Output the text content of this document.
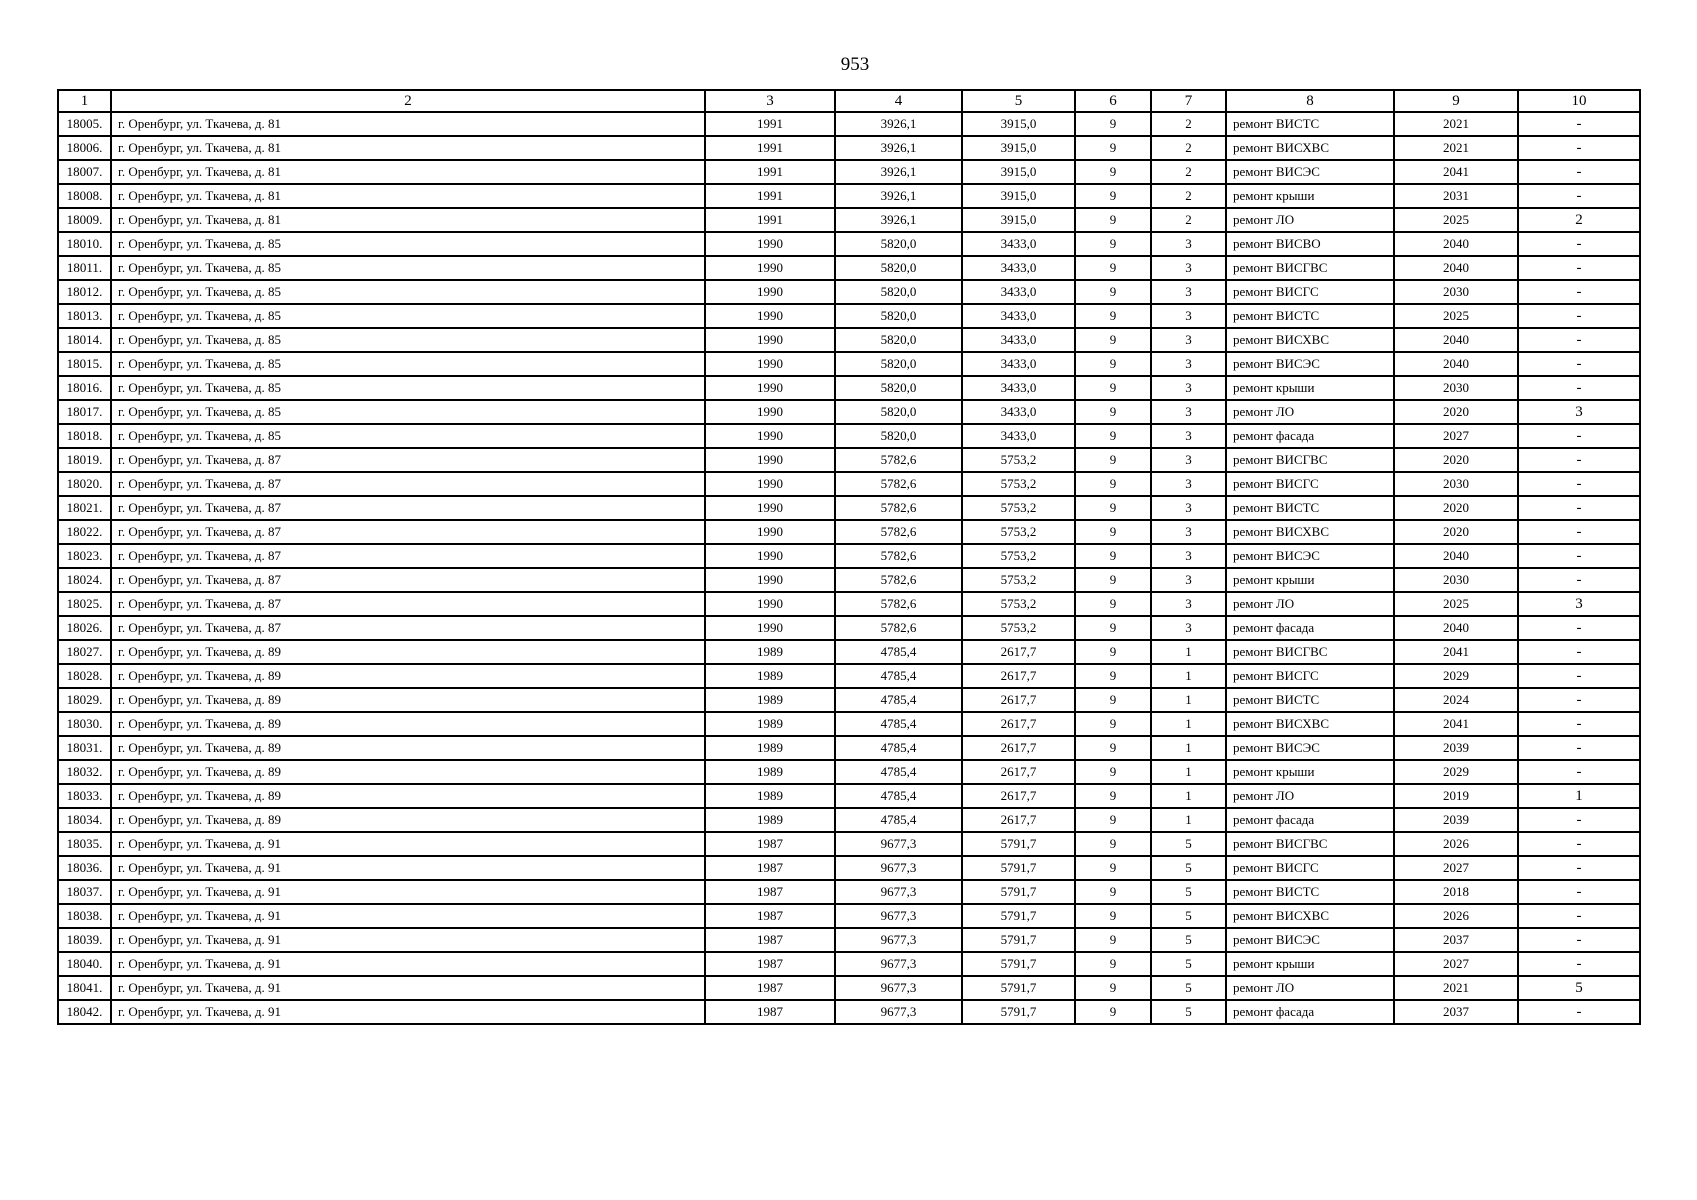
953
1	2	3	4	5	6	7	8	9	10
18005.	г. Оренбург, ул. Ткачева, д. 81	1991	3926,1	3915,0	9	2	ремонт ВИСТС	2021	-
18006.	г. Оренбург, ул. Ткачева, д. 81	1991	3926,1	3915,0	9	2	ремонт ВИСХВС	2021	-
18007.	г. Оренбург, ул. Ткачева, д. 81	1991	3926,1	3915,0	9	2	ремонт ВИСЭС	2041	-
18008.	г. Оренбург, ул. Ткачева, д. 81	1991	3926,1	3915,0	9	2	ремонт крыши	2031	-
18009.	г. Оренбург, ул. Ткачева, д. 81	1991	3926,1	3915,0	9	2	ремонт ЛО	2025	2
18010.	г. Оренбург, ул. Ткачева, д. 85	1990	5820,0	3433,0	9	3	ремонт ВИСВО	2040	-
18011.	г. Оренбург, ул. Ткачева, д. 85	1990	5820,0	3433,0	9	3	ремонт ВИСГВС	2040	-
18012.	г. Оренбург, ул. Ткачева, д. 85	1990	5820,0	3433,0	9	3	ремонт ВИСГС	2030	-
18013.	г. Оренбург, ул. Ткачева, д. 85	1990	5820,0	3433,0	9	3	ремонт ВИСТС	2025	-
18014.	г. Оренбург, ул. Ткачева, д. 85	1990	5820,0	3433,0	9	3	ремонт ВИСХВС	2040	-
18015.	г. Оренбург, ул. Ткачева, д. 85	1990	5820,0	3433,0	9	3	ремонт ВИСЭС	2040	-
18016.	г. Оренбург, ул. Ткачева, д. 85	1990	5820,0	3433,0	9	3	ремонт крыши	2030	-
18017.	г. Оренбург, ул. Ткачева, д. 85	1990	5820,0	3433,0	9	3	ремонт ЛО	2020	3
18018.	г. Оренбург, ул. Ткачева, д. 85	1990	5820,0	3433,0	9	3	ремонт фасада	2027	-
18019.	г. Оренбург, ул. Ткачева, д. 87	1990	5782,6	5753,2	9	3	ремонт ВИСГВС	2020	-
18020.	г. Оренбург, ул. Ткачева, д. 87	1990	5782,6	5753,2	9	3	ремонт ВИСГС	2030	-
18021.	г. Оренбург, ул. Ткачева, д. 87	1990	5782,6	5753,2	9	3	ремонт ВИСТС	2020	-
18022.	г. Оренбург, ул. Ткачева, д. 87	1990	5782,6	5753,2	9	3	ремонт ВИСХВС	2020	-
18023.	г. Оренбург, ул. Ткачева, д. 87	1990	5782,6	5753,2	9	3	ремонт ВИСЭС	2040	-
18024.	г. Оренбург, ул. Ткачева, д. 87	1990	5782,6	5753,2	9	3	ремонт крыши	2030	-
18025.	г. Оренбург, ул. Ткачева, д. 87	1990	5782,6	5753,2	9	3	ремонт ЛО	2025	3
18026.	г. Оренбург, ул. Ткачева, д. 87	1990	5782,6	5753,2	9	3	ремонт фасада	2040	-
18027.	г. Оренбург, ул. Ткачева, д. 89	1989	4785,4	2617,7	9	1	ремонт ВИСГВС	2041	-
18028.	г. Оренбург, ул. Ткачева, д. 89	1989	4785,4	2617,7	9	1	ремонт ВИСГС	2029	-
18029.	г. Оренбург, ул. Ткачева, д. 89	1989	4785,4	2617,7	9	1	ремонт ВИСТС	2024	-
18030.	г. Оренбург, ул. Ткачева, д. 89	1989	4785,4	2617,7	9	1	ремонт ВИСХВС	2041	-
18031.	г. Оренбург, ул. Ткачева, д. 89	1989	4785,4	2617,7	9	1	ремонт ВИСЭС	2039	-
18032.	г. Оренбург, ул. Ткачева, д. 89	1989	4785,4	2617,7	9	1	ремонт крыши	2029	-
18033.	г. Оренбург, ул. Ткачева, д. 89	1989	4785,4	2617,7	9	1	ремонт ЛО	2019	1
18034.	г. Оренбург, ул. Ткачева, д. 89	1989	4785,4	2617,7	9	1	ремонт фасада	2039	-
18035.	г. Оренбург, ул. Ткачева, д. 91	1987	9677,3	5791,7	9	5	ремонт ВИСГВС	2026	-
18036.	г. Оренбург, ул. Ткачева, д. 91	1987	9677,3	5791,7	9	5	ремонт ВИСГС	2027	-
18037.	г. Оренбург, ул. Ткачева, д. 91	1987	9677,3	5791,7	9	5	ремонт ВИСТС	2018	-
18038.	г. Оренбург, ул. Ткачева, д. 91	1987	9677,3	5791,7	9	5	ремонт ВИСХВС	2026	-
18039.	г. Оренбург, ул. Ткачева, д. 91	1987	9677,3	5791,7	9	5	ремонт ВИСЭС	2037	-
18040.	г. Оренбург, ул. Ткачева, д. 91	1987	9677,3	5791,7	9	5	ремонт крыши	2027	-
18041.	г. Оренбург, ул. Ткачева, д. 91	1987	9677,3	5791,7	9	5	ремонт ЛО	2021	5
18042.	г. Оренбург, ул. Ткачева, д. 91	1987	9677,3	5791,7	9	5	ремонт фасада	2037	-
